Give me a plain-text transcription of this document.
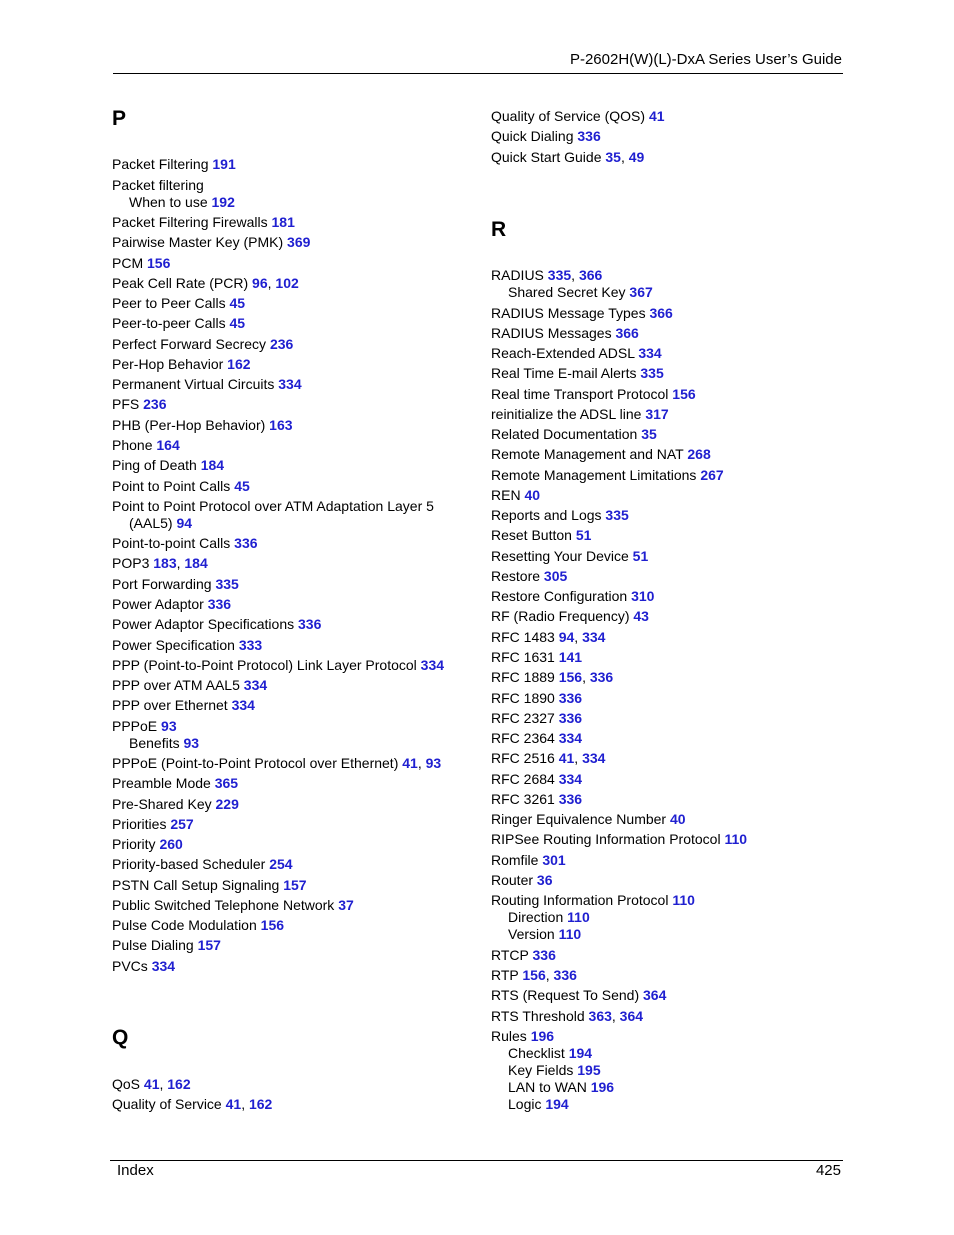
P-2602H(W)(L)-DxA Series User’s Guide
P
Packet Filtering 191
Packet filtering
When to use 192
Packet Filtering Firewalls 181
Pairwise Master Key (PMK) 369
PCM 156
Peak Cell Rate (PCR) 96, 102
Peer to Peer Calls 45
Peer-to-peer Calls 45
Perfect Forward Secrecy 236
Per-Hop Behavior 162
Permanent Virtual Circuits 334
PFS 236
PHB (Per-Hop Behavior) 163
Phone 164
Ping of Death 184
Point to Point Calls 45
Point to Point Protocol over ATM Adaptation Layer 5
(AAL5) 94
Point-to-point Calls 336
POP3 183, 184
Port Forwarding 335
Power Adaptor 336
Power Adaptor Specifications 336
Power Specification 333
PPP (Point-to-Point Protocol) Link Layer Protocol 334
PPP over ATM AAL5 334
PPP over Ethernet 334
PPPoE 93
Benefits 93
PPPoE (Point-to-Point Protocol over Ethernet) 41, 93
Preamble Mode 365
Pre-Shared Key 229
Priorities 257
Priority 260
Priority-based Scheduler 254
PSTN Call Setup Signaling 157
Public Switched Telephone Network 37
Pulse Code Modulation 156
Pulse Dialing 157
PVCs 334
Q
QoS 41, 162
Quality of Service 41, 162
Quality of Service (QOS) 41
Quick Dialing 336
Quick Start Guide 35, 49
R
RADIUS 335, 366
Shared Secret Key 367
RADIUS Message Types 366
RADIUS Messages 366
Reach-Extended ADSL 334
Real Time E-mail Alerts 335
Real time Transport Protocol 156
reinitialize the ADSL line 317
Related Documentation 35
Remote Management and NAT 268
Remote Management Limitations 267
REN 40
Reports and Logs 335
Reset Button 51
Resetting Your Device 51
Restore 305
Restore Configuration 310
RF (Radio Frequency) 43
RFC 1483 94, 334
RFC 1631 141
RFC 1889 156, 336
RFC 1890 336
RFC 2327 336
RFC 2364 334
RFC 2516 41, 334
RFC 2684 334
RFC 3261 336
Ringer Equivalence Number 40
RIPSee Routing Information Protocol 110
Romfile 301
Router 36
Routing Information Protocol 110
Direction 110
Version 110
RTCP 336
RTP 156, 336
RTS (Request To Send) 364
RTS Threshold 363, 364
Rules 196
Checklist 194
Key Fields 195
LAN to WAN 196
Logic 194
Index	425
